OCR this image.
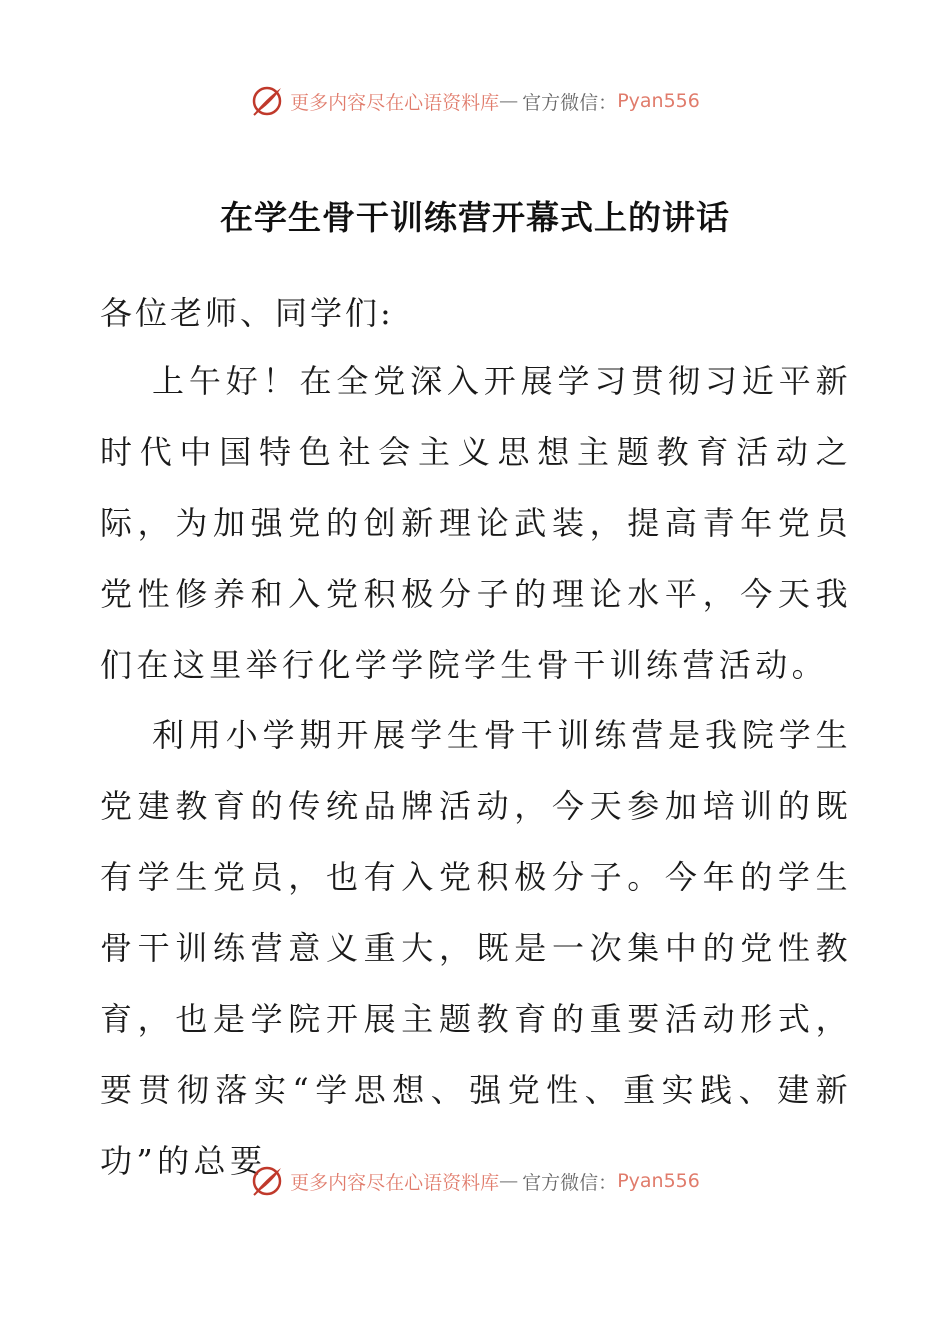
更多内容尽在心语资料库 — 官方微信： Pyan556
在学生骨干训练营开幕式上的讲话
各位老师、同学们:

上午好！在全党深入开展学习贯彻习近平新时代中国特色社会主义思想主题教育活动之际，为加强党的创新理论武装，提高青年党员党性修养和入党积极分子的理论水平，今天我们在这里举行化学学院学生骨干训练营活动。

利用小学期开展学生骨干训练营是我院学生党建教育的传统品牌活动，今天参加培训的既有学生党员，也有入党积极分子。今年的学生骨干训练营意义重大，既是一次集中的党性教育，也是学院开展主题教育的重要活动形式，要贯彻落实“学思想、强党性、重实践、建新功”的总要

更多内容尽在心语资料库 — 官方微信： Pyan556
